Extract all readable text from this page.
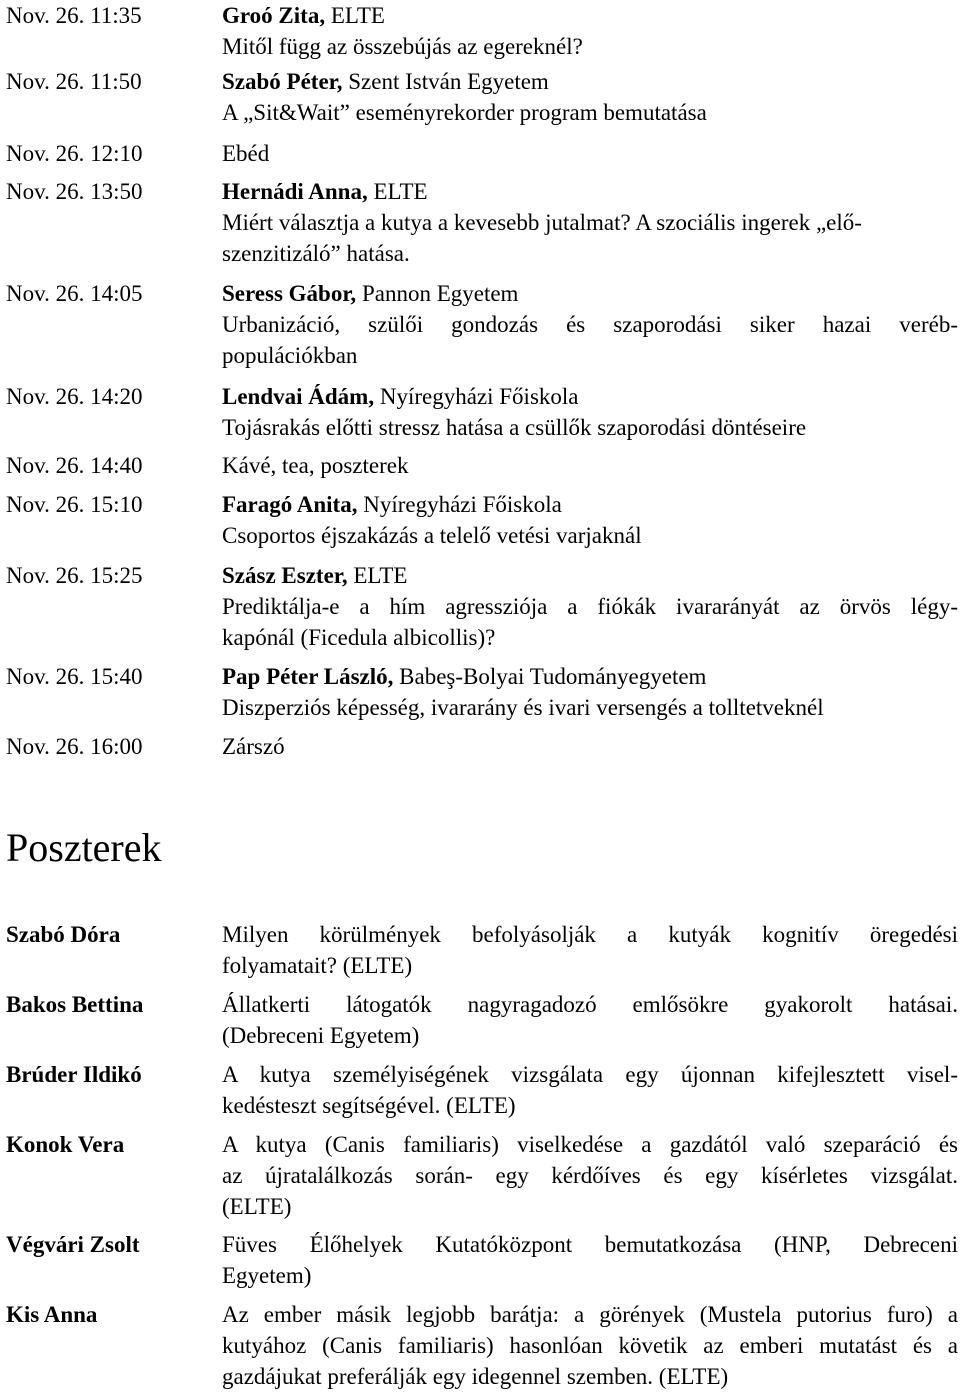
Nov. 26. 11:35	Groó Zita, ELTE
Mitől függ az összebújás az egereknél?
Nov. 26. 11:50	Szabó Péter, Szent István Egyetem
A „Sit&Wait” eseményrekorder program bemutatása
Nov. 26. 12:10	Ebéd
Nov. 26. 13:50	Hernádi Anna, ELTE
Miért választja a kutya a kevesebb jutalmat? A szociális ingerek „elő-
szenzitizáló” hatása.
Nov. 26. 14:05	Seress Gábor, Pannon Egyetem
Urbanizáció, szülői gondozás és szaporodási siker hazai veréb-
populációkban
Nov. 26. 14:20	Lendvai Ádám, Nyíregyházi Főiskola
Tojásrakás előtti stressz hatása a csüllők szaporodási döntéseire
Nov. 26. 14:40	Kávé, tea, poszterek
Nov. 26. 15:10	Faragó Anita, Nyíregyházi Főiskola
Csoportos éjszakázás a telelő vetési varjaknál
Nov. 26. 15:25	Szász Eszter, ELTE
Prediktálja-e a hím agressziója a fiókák ivararányát az örvös légy-
kapónál (Ficedula albicollis)?
Nov. 26. 15:40	Pap Péter László, Babeş-Bolyai Tudományegyetem
Diszperziós képesség, ivararány és ivari versengés a tolltetveknél
Nov. 26. 16:00	Zárszó
Poszterek
Szabó Dóra	Milyen körülmények befolyásolják a kutyák kognitív öregedési
folyamatait? (ELTE)
Bakos Bettina	Állatkerti látogatók nagyragadozó emlősökre gyakorolt hatásai.
(Debreceni Egyetem)
Brúder Ildikó	A kutya személyiségének vizsgálata egy újonnan kifejlesztett visel-
kedésteszt segítségével. (ELTE)
Konok Vera	A kutya (Canis familiaris) viselkedése a gazdától való szeparáció és
az újratalálkozás során- egy kérdőíves és egy kísérletes vizsgálat.
(ELTE)
Végvári Zsolt	Füves Élőhelyek Kutatóközpont bemutatkozása (HNP, Debreceni
Egyetem)
Kis Anna	Az ember másik legjobb barátja: a görények (Mustela putorius furo) a
kutyához (Canis familiaris) hasonlóan követik az emberi mutatást és a
gazdájukat preferálják egy idegennel szemben. (ELTE)
